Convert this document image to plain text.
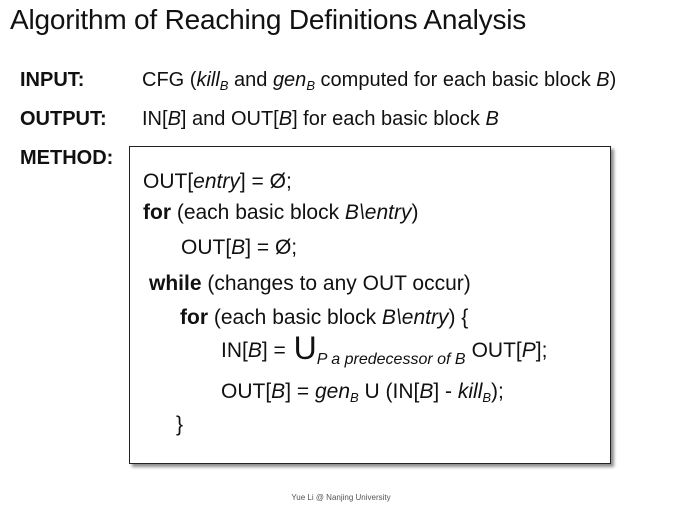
Algorithm of Reaching Definitions Analysis
INPUT:	CFG (kill$_B$ and gen$_B$ computed for each basic block B)
OUTPUT: IN[B] and OUT[B] for each basic block B
METHOD:
OUT[entry] = Ø;
for (each basic block B\entry)
OUT[B] = Ø;
while (changes to any OUT occur)
for (each basic block B\entry) {
$IN[B] = U_{P a predecessor of B}$ OUT[P];
OUT[B] = gen$_B$ U (IN[B] - kill$_B$);
}
Yue Li @ Nanjing University
